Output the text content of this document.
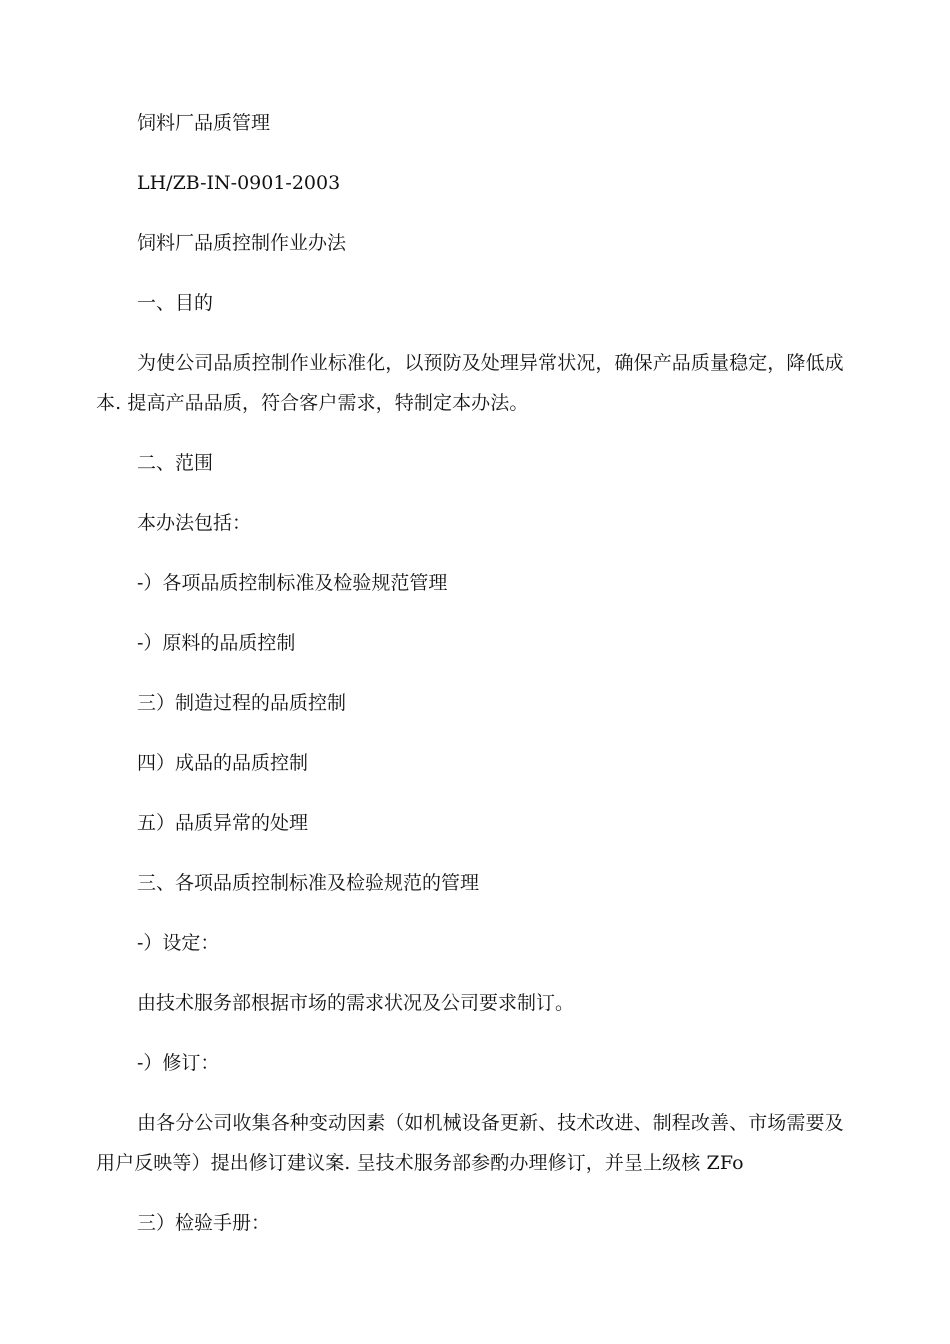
饲料厂品质管理
LH/ZB-IN-0901-2003
饲料厂品质控制作业办法
一、目的
为使公司品质控制作业标准化，以预防及处理异常状况，确保产品质量稳定，降低成本. 提高产品品质，符合客户需求，特制定本办法。
二、范围
本办法包括：
-）各项品质控制标准及检验规范管理
-）原料的品质控制
三）制造过程的品质控制
四）成品的品质控制
五）品质异常的处理
三、各项品质控制标准及检验规范的管理
-）设定：
由技术服务部根据市场的需求状况及公司要求制订。
-）修订：
由各分公司收集各种变动因素（如机械设备更新、技术改进、制程改善、市场需要及用户反映等）提出修订建议案. 呈技术服务部参酌办理修订，并呈上级核 ZFo
三）检验手册：
